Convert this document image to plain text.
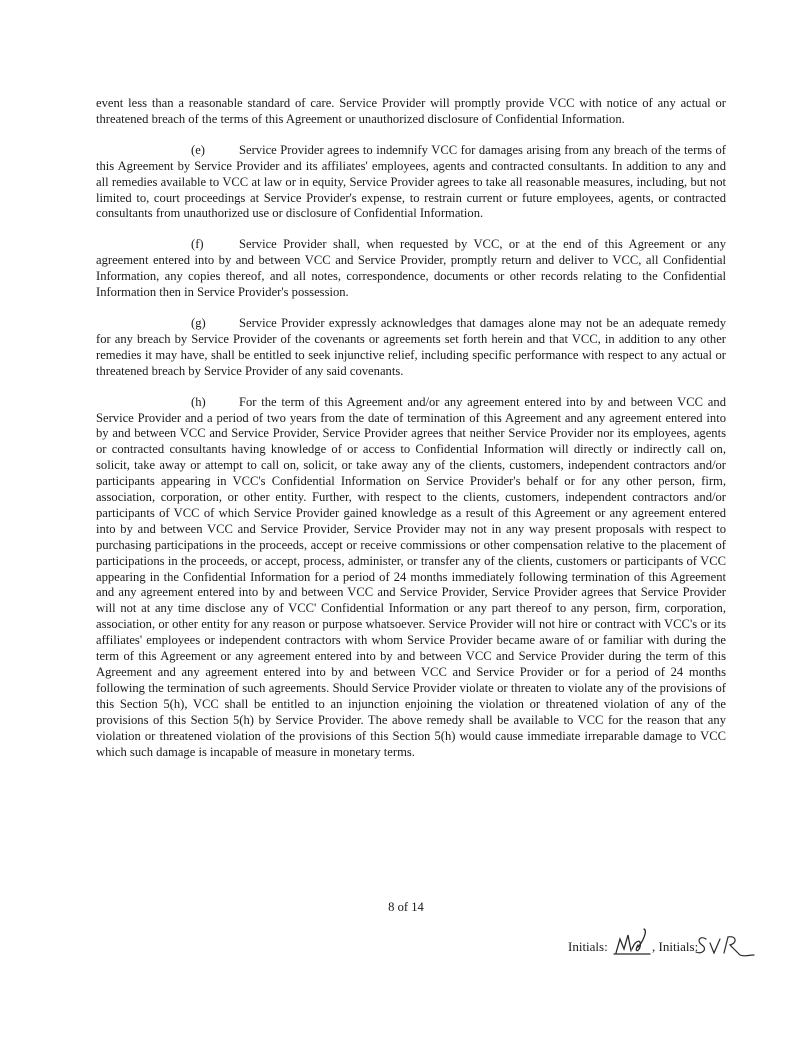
event less than a reasonable standard of care. Service Provider will promptly provide VCC with notice of any actual or threatened breach of the terms of this Agreement or unauthorized disclosure of Confidential Information.

(e)	Service Provider agrees to indemnify VCC for damages arising from any breach of the terms of this Agreement by Service Provider and its affiliates' employees, agents and contracted consultants. In addition to any and all remedies available to VCC at law or in equity, Service Provider agrees to take all reasonable measures, including, but not limited to, court proceedings at Service Provider's expense, to restrain current or future employees, agents, or contracted consultants from unauthorized use or disclosure of Confidential Information.

(f)	Service Provider shall, when requested by VCC, or at the end of this Agreement or any agreement entered into by and between VCC and Service Provider, promptly return and deliver to VCC, all Confidential Information, any copies thereof, and all notes, correspondence, documents or other records relating to the Confidential Information then in Service Provider's possession.

(g)	Service Provider expressly acknowledges that damages alone may not be an adequate remedy for any breach by Service Provider of the covenants or agreements set forth herein and that VCC, in addition to any other remedies it may have, shall be entitled to seek injunctive relief, including specific performance with respect to any actual or threatened breach by Service Provider of any said covenants.

(h)	For the term of this Agreement and/or any agreement entered into by and between VCC and Service Provider and a period of two years from the date of termination of this Agreement and any agreement entered into by and between VCC and Service Provider, Service Provider agrees that neither Service Provider nor its employees, agents or contracted consultants having knowledge of or access to Confidential Information will directly or indirectly call on, solicit, take away or attempt to call on, solicit, or take away any of the clients, customers, independent contractors and/or participants appearing in VCC's Confidential Information on Service Provider's behalf or for any other person, firm, association, corporation, or other entity. Further, with respect to the clients, customers, independent contractors and/or participants of VCC of which Service Provider gained knowledge as a result of this Agreement or any agreement entered into by and between VCC and Service Provider, Service Provider may not in any way present proposals with respect to purchasing participations in the proceeds, accept or receive commissions or other compensation relative to the placement of participations in the proceeds, or accept, process, administer, or transfer any of the clients, customers or participants of VCC appearing in the Confidential Information for a period of 24 months immediately following termination of this Agreement and any agreement entered into by and between VCC and Service Provider, Service Provider agrees that Service Provider will not at any time disclose any of VCC' Confidential Information or any part thereof to any person, firm, corporation, association, or other entity for any reason or purpose whatsoever. Service Provider will not hire or contract with VCC's or its affiliates' employees or independent contractors with whom Service Provider became aware of or familiar with during the term of this Agreement or any agreement entered into by and between VCC and Service Provider during the term of this Agreement and any agreement entered into by and between VCC and Service Provider or for a period of 24 months following the termination of such agreements. Should Service Provider violate or threaten to violate any of the provisions of this Section 5(h), VCC shall be entitled to an injunction enjoining the violation or threatened violation of any of the provisions of this Section 5(h) by Service Provider. The above remedy shall be available to VCC for the reason that any violation or threatened violation of the provisions of this Section 5(h) would cause immediate irreparable damage to VCC which such damage is incapable of measure in monetary terms.

8 of 14
Initials:	, Initials:
